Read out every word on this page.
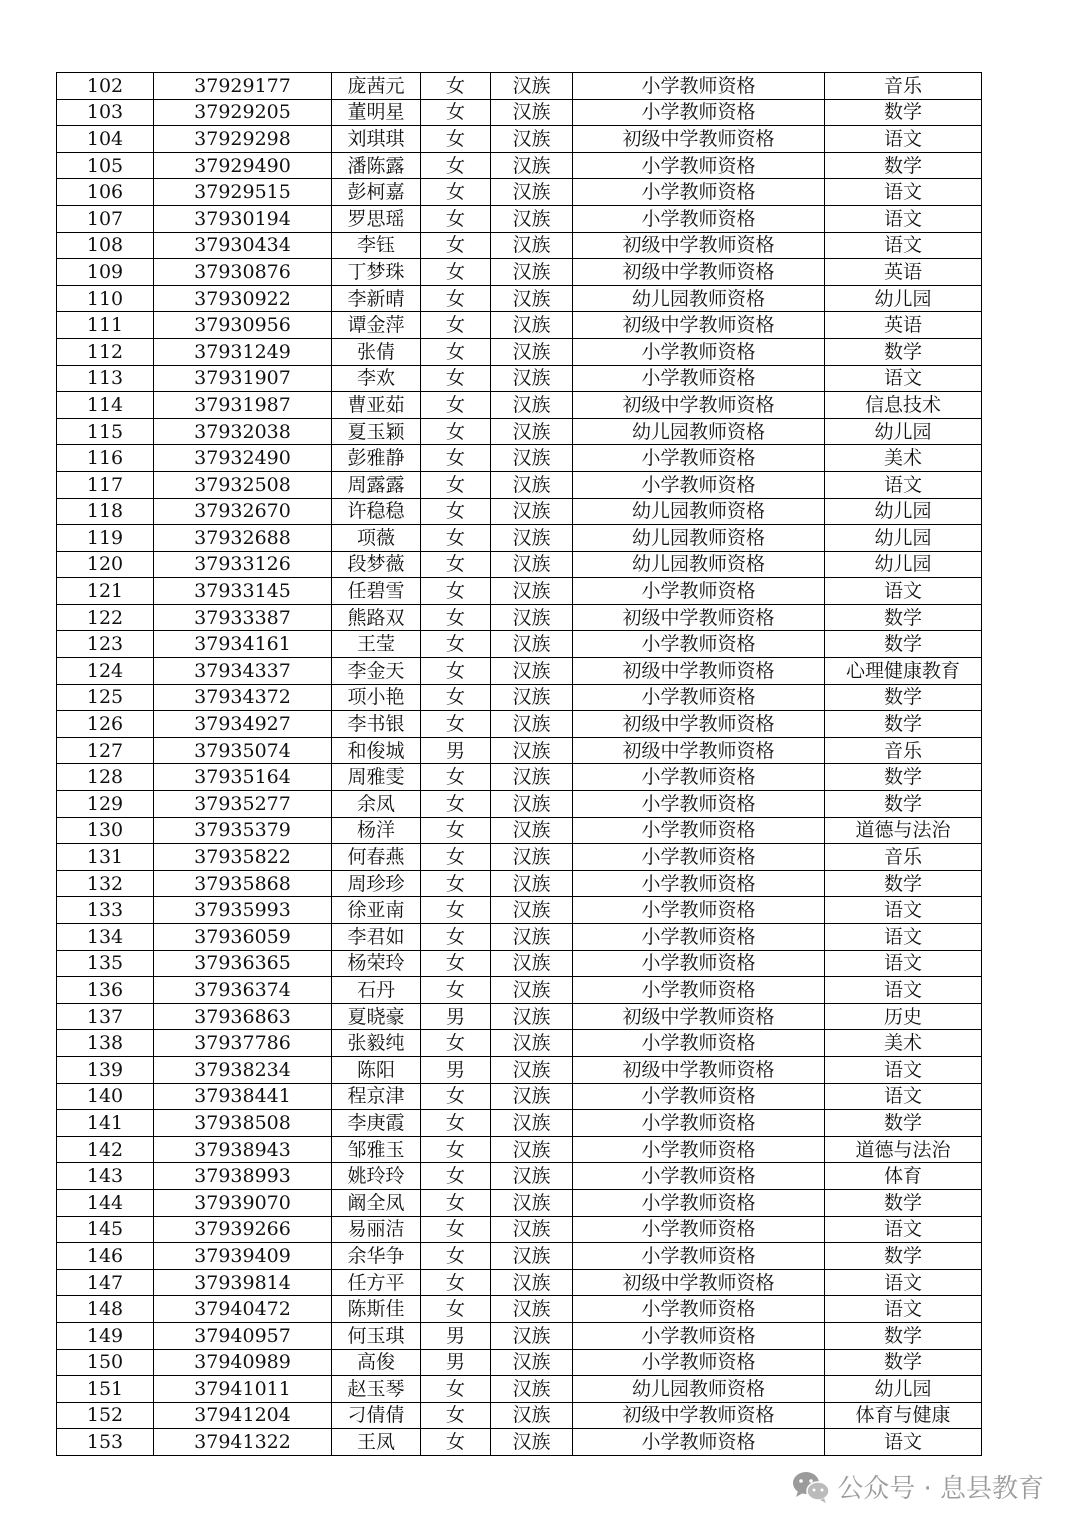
102	37929177	庞茜元	女	汉族	小学教师资格	音乐
103	37929205	董明星	女	汉族	小学教师资格	数学
104	37929298	刘琪琪	女	汉族	初级中学教师资格	语文
105	37929490	潘陈露	女	汉族	小学教师资格	数学
106	37929515	彭柯嘉	女	汉族	小学教师资格	语文
107	37930194	罗思瑶	女	汉族	小学教师资格	语文
108	37930434	李钰	女	汉族	初级中学教师资格	语文
109	37930876	丁梦珠	女	汉族	初级中学教师资格	英语
110	37930922	李新晴	女	汉族	幼儿园教师资格	幼儿园
111	37930956	谭金萍	女	汉族	初级中学教师资格	英语
112	37931249	张倩	女	汉族	小学教师资格	数学
113	37931907	李欢	女	汉族	小学教师资格	语文
114	37931987	曹亚茹	女	汉族	初级中学教师资格	信息技术
115	37932038	夏玉颖	女	汉族	幼儿园教师资格	幼儿园
116	37932490	彭雅静	女	汉族	小学教师资格	美术
117	37932508	周露露	女	汉族	小学教师资格	语文
118	37932670	许稳稳	女	汉族	幼儿园教师资格	幼儿园
119	37932688	项薇	女	汉族	幼儿园教师资格	幼儿园
120	37933126	段梦薇	女	汉族	幼儿园教师资格	幼儿园
121	37933145	任碧雪	女	汉族	小学教师资格	语文
122	37933387	熊路双	女	汉族	初级中学教师资格	数学
123	37934161	王莹	女	汉族	小学教师资格	数学
124	37934337	李金天	女	汉族	初级中学教师资格	心理健康教育
125	37934372	项小艳	女	汉族	小学教师资格	数学
126	37934927	李书银	女	汉族	初级中学教师资格	数学
127	37935074	和俊城	男	汉族	初级中学教师资格	音乐
128	37935164	周雅雯	女	汉族	小学教师资格	数学
129	37935277	余凤	女	汉族	小学教师资格	数学
130	37935379	杨洋	女	汉族	小学教师资格	道德与法治
131	37935822	何春燕	女	汉族	小学教师资格	音乐
132	37935868	周珍珍	女	汉族	小学教师资格	数学
133	37935993	徐亚南	女	汉族	小学教师资格	语文
134	37936059	李君如	女	汉族	小学教师资格	语文
135	37936365	杨荣玲	女	汉族	小学教师资格	语文
136	37936374	石丹	女	汉族	小学教师资格	语文
137	37936863	夏晓豪	男	汉族	初级中学教师资格	历史
138	37937786	张毅纯	女	汉族	小学教师资格	美术
139	37938234	陈阳	男	汉族	初级中学教师资格	语文
140	37938441	程京津	女	汉族	小学教师资格	语文
141	37938508	李庚霞	女	汉族	小学教师资格	数学
142	37938943	邹雅玉	女	汉族	小学教师资格	道德与法治
143	37938993	姚玲玲	女	汉族	小学教师资格	体育
144	37939070	阚全凤	女	汉族	小学教师资格	数学
145	37939266	易丽洁	女	汉族	小学教师资格	语文
146	37939409	余华争	女	汉族	小学教师资格	数学
147	37939814	任方平	女	汉族	初级中学教师资格	语文
148	37940472	陈斯佳	女	汉族	小学教师资格	语文
149	37940957	何玉琪	男	汉族	小学教师资格	数学
150	37940989	高俊	男	汉族	小学教师资格	数学
151	37941011	赵玉琴	女	汉族	幼儿园教师资格	幼儿园
152	37941204	刁倩倩	女	汉族	初级中学教师资格	体育与健康
153	37941322	王凤	女	汉族	小学教师资格	语文
公众号 · 息县教育
